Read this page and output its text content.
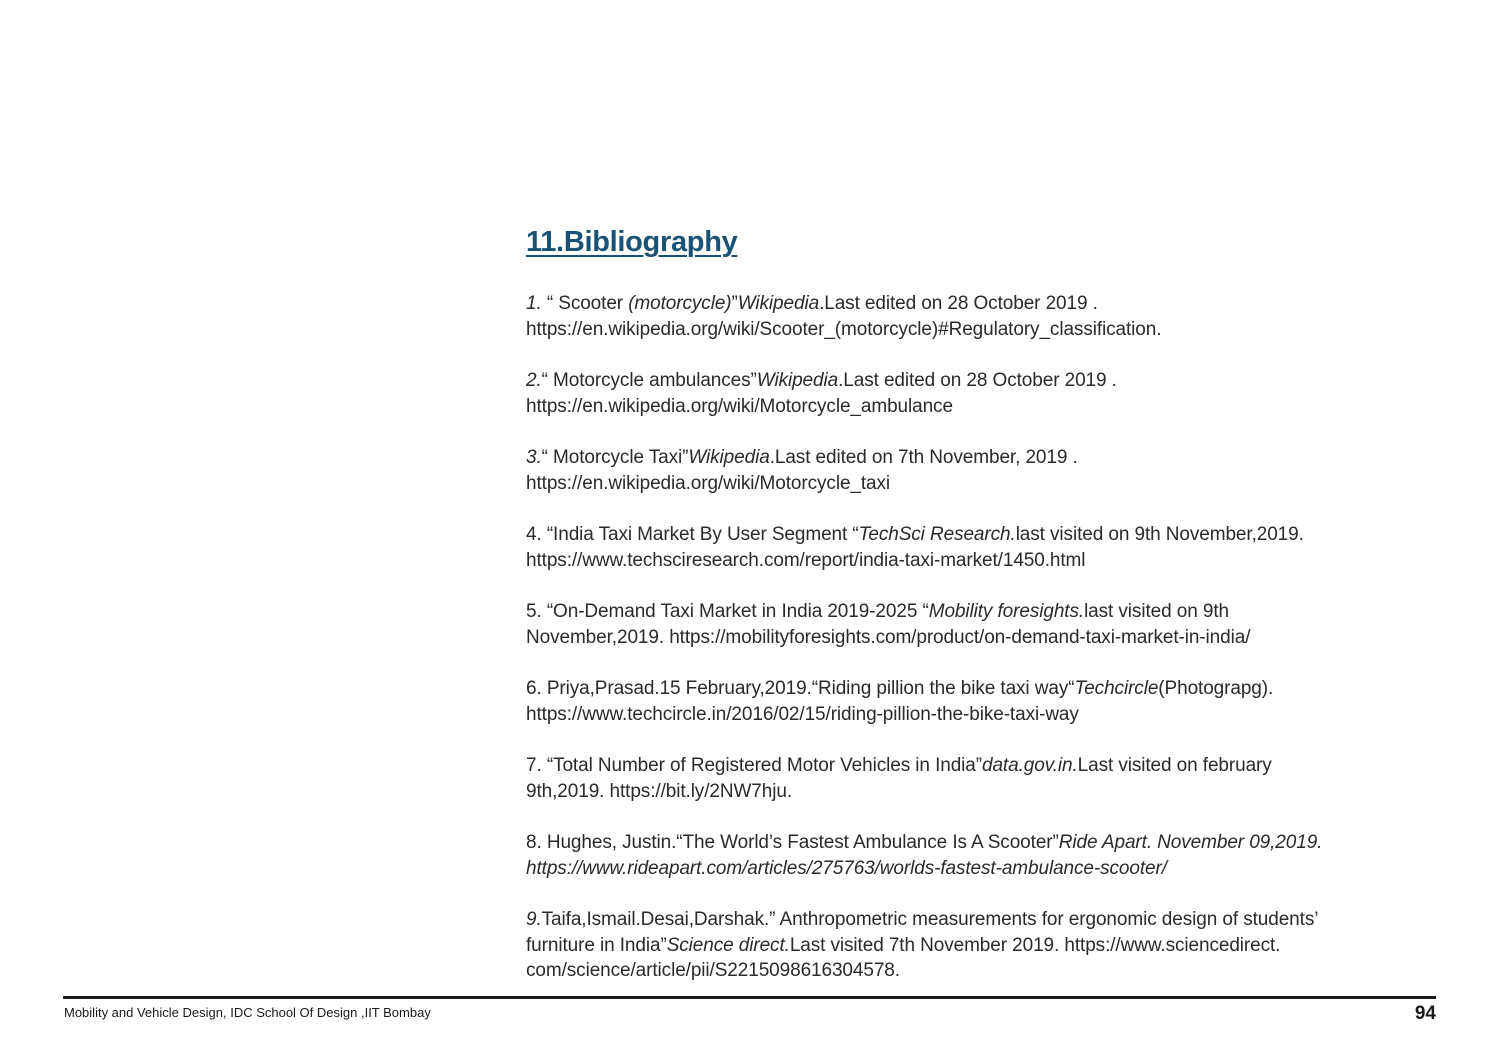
11.Bibliography
1. “ Scooter (motorcycle)”Wikipedia.Last edited on 28 October 2019 .
https://en.wikipedia.org/wiki/Scooter_(motorcycle)#Regulatory_classification.
2.“ Motorcycle ambulances”Wikipedia.Last edited on 28 October 2019 .
https://en.wikipedia.org/wiki/Motorcycle_ambulance
3.“ Motorcycle Taxi”Wikipedia.Last edited on 7th November, 2019 .
https://en.wikipedia.org/wiki/Motorcycle_taxi
4. “India Taxi Market By User Segment “TechSci Research.last visited on 9th November,2019.
https://www.techsciresearch.com/report/india-taxi-market/1450.html
5. “On-Demand Taxi Market in India 2019-2025 “Mobility foresights.last visited on 9th
November,2019. https://mobilityforesights.com/product/on-demand-taxi-market-in-india/
6. Priya,Prasad.15 February,2019.“Riding pillion the bike taxi way“Techcircle(Photograpg).
https://www.techcircle.in/2016/02/15/riding-pillion-the-bike-taxi-way
7. “Total Number of Registered Motor Vehicles in India”data.gov.in.Last visited on february
9th,2019. https://bit.ly/2NW7hju.
8. Hughes, Justin.“The World’s Fastest Ambulance Is A Scooter”Ride Apart. November 09,2019.
https://www.rideapart.com/articles/275763/worlds-fastest-ambulance-scooter/
9.Taifa,Ismail.Desai,Darshak.” Anthropometric measurements for ergonomic design of students’
furniture in India”Science direct.Last visited 7th November 2019. https://www.sciencedirect.
com/science/article/pii/S2215098616304578.
Mobility and Vehicle Design, IDC School Of Design ,IIT Bombay	94
